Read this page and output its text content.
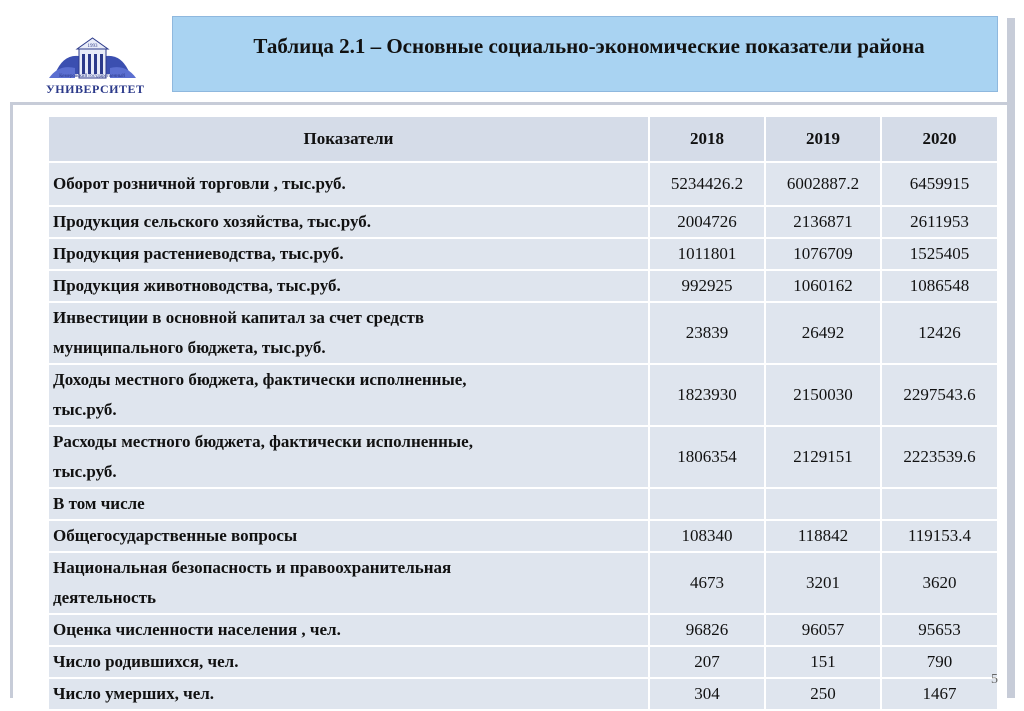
1993
Кемеровский государственный
УНИВЕРСИТЕТ
Таблица 2.1 – Основные социально-экономические показатели района
Показатели	2018	2019	2020
Оборот розничной торговли , тыс.руб.	5234426.2	6002887.2	6459915
Продукция сельского хозяйства, тыс.руб.	2004726	2136871	2611953
Продукция растениеводства, тыс.руб.	1011801	1076709	1525405
Продукция животноводства, тыс.руб.	992925	1060162	1086548
Инвестиции в основной капитал за счет средств
муниципального бюджета, тыс.руб.	23839	26492	12426
Доходы местного бюджета, фактически исполненные,
тыс.руб.	1823930	2150030	2297543.6
Расходы местного бюджета, фактически исполненные,
тыс.руб.	1806354	2129151	2223539.6
В том числе			
Общегосударственные вопросы	108340	118842	119153.4
Национальная безопасность и правоохранительная
деятельность	4673	3201	3620
Оценка численности населения , чел.	96826	96057	95653
Число родившихся, чел.	207	151	790
Число умерших, чел.	304	250	1467
5
